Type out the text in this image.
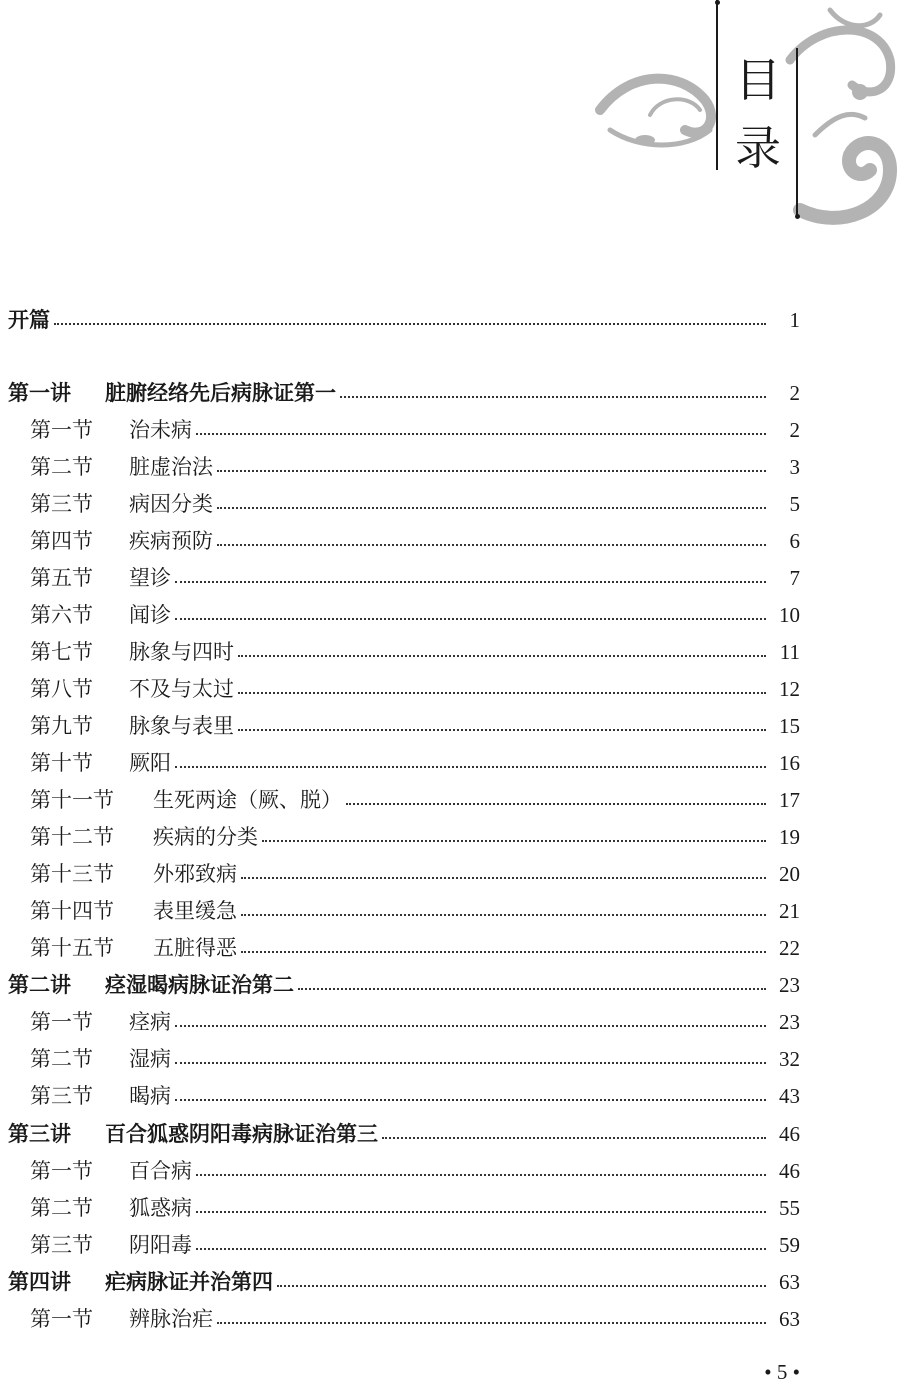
目
录
开篇	1
第一讲	脏腑经络先后病脉证第一	2
第一节	治未病	2
第二节	脏虚治法	3
第三节	病因分类	5
第四节	疾病预防	6
第五节	望诊	7
第六节	闻诊	10
第七节	脉象与四时	11
第八节	不及与太过	12
第九节	脉象与表里	15
第十节	厥阳	16
第十一节	生死两途（厥、脱）	17
第十二节	疾病的分类	19
第十三节	外邪致病	20
第十四节	表里缓急	21
第十五节	五脏得恶	22
第二讲	痉湿暍病脉证治第二	23
第一节	痉病	23
第二节	湿病	32
第三节	暍病	43
第三讲	百合狐惑阴阳毒病脉证治第三	46
第一节	百合病	46
第二节	狐惑病	55
第三节	阴阳毒	59
第四讲	疟病脉证并治第四	63
第一节	辨脉治疟	63
• 5 •
